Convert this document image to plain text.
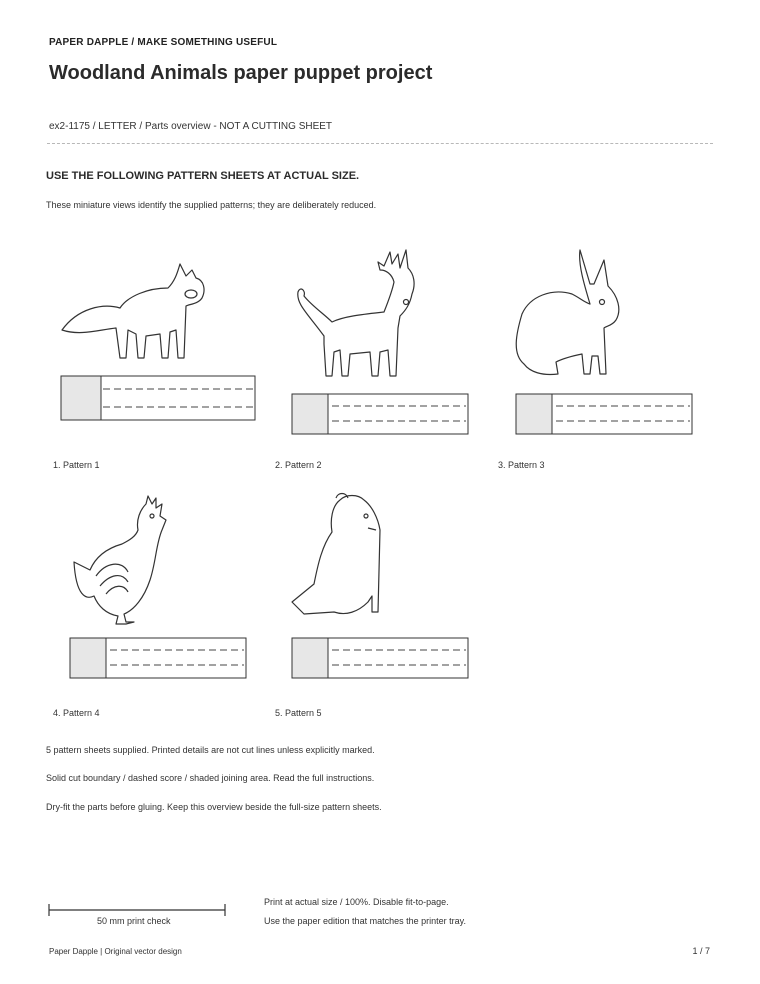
PAPER DAPPLE / MAKE SOMETHING USEFUL
Woodland Animals paper puppet project
ex2-1175 / LETTER / Parts overview - NOT A CUTTING SHEET
USE THE FOLLOWING PATTERN SHEETS AT ACTUAL SIZE.
These miniature views identify the supplied patterns; they are deliberately reduced.
1. Pattern 1	2. Pattern 2	3. Pattern 3
4. Pattern 4	5. Pattern 5
5 pattern sheets supplied. Printed details are not cut lines unless explicitly marked.
Solid cut boundary / dashed score / shaded joining area. Read the full instructions.
Dry-fit the parts before gluing. Keep this overview beside the full-size pattern sheets.
50 mm print check
Print at actual size / 100%. Disable fit-to-page.
Use the paper edition that matches the printer tray.
Paper Dapple | Original vector design	1 / 7
